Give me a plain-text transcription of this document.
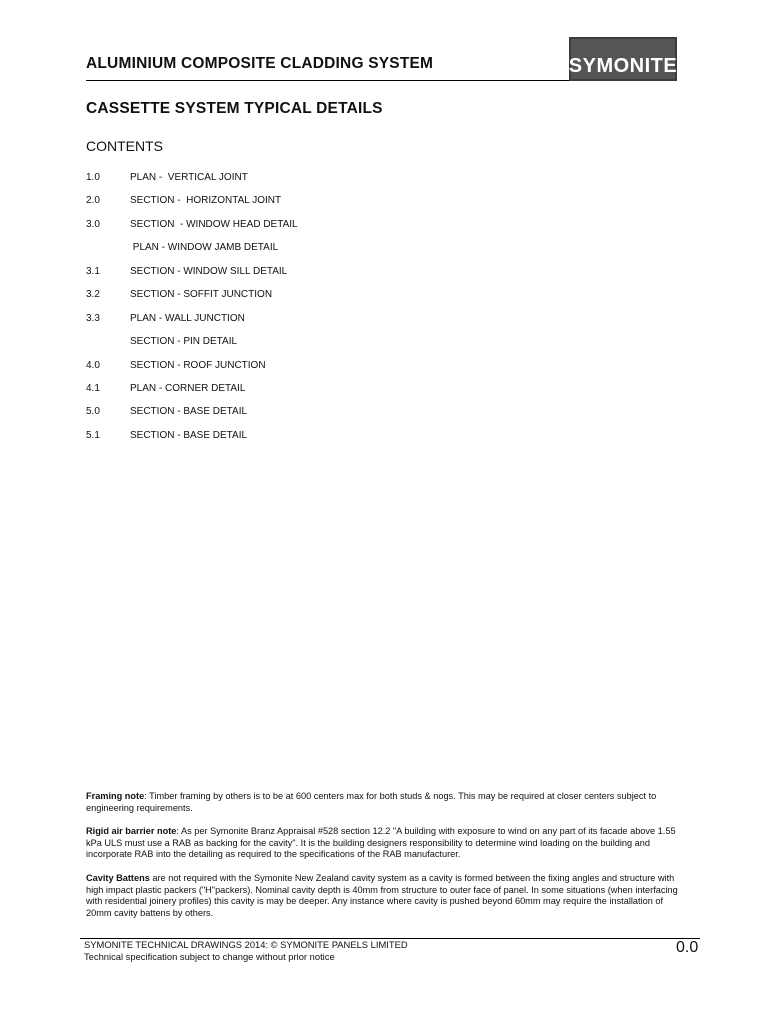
ALUMINIUM COMPOSITE CLADDING SYSTEM	SYMONITE
CASSETTE SYSTEM TYPICAL DETAILS
CONTENTS
1.0	PLAN -  VERTICAL JOINT
2.0	SECTION -  HORIZONTAL JOINT
3.0	SECTION  - WINDOW HEAD DETAIL
PLAN - WINDOW JAMB DETAIL
3.1	SECTION - WINDOW SILL DETAIL
3.2	SECTION - SOFFIT JUNCTION
3.3	PLAN - WALL JUNCTION
SECTION - PIN DETAIL
4.0	SECTION - ROOF JUNCTION
4.1	PLAN - CORNER DETAIL
5.0	SECTION - BASE DETAIL
5.1	SECTION - BASE DETAIL

Framing note: Timber framing by others is to be at 600 centers max for both studs & nogs. This may be required at closer centers subject to engineering requirements.

Rigid air barrier note: As per Symonite Branz Appraisal #528 section 12.2 "A building with exposure to wind on any part of its facade above 1.55 kPa ULS must use a RAB as backing for the cavity". It is the building designers responsibility to determine wind loading on the building and incorporate RAB into the detailing as required to the specifications of the RAB manufacturer.

Cavity Battens are not required with the Symonite New Zealand cavity system as a cavity is formed between the fixing angles and structure with high impact plastic packers ("H"packers). Nominal cavity depth is 40mm from structure to outer face of panel. In some situations (when interfacing with residential joinery profiles) this cavity is may be deeper. Any instance where cavity is pushed beyond 60mm may require the installation of 20mm cavity battens by others.

SYMONITE TECHNICAL DRAWINGS 2014: © SYMONITE PANELS LIMITED
Technical specification subject to change without prior notice
0.0
